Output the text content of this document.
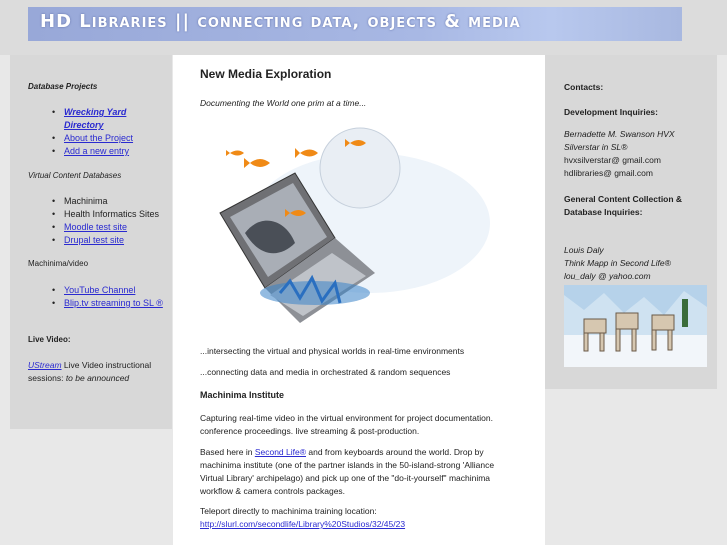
HD Libraries || connecting data, objects & media
Database Projects
• Wrecking Yard Directory
• About the Project
• Add a new entry
Virtual Content Databases
• Machinima
• Health Informatics Sites
• Moodle test site
• Drupal test site
Machinima/video
• YouTube Channel
• Blip.tv streaming to SL ®
Live Video:
UStream Live Video instructional
sessions: to be announced
New Media Exploration
Documenting the World one prim at a time...
...intersecting the virtual and physical worlds in real-time environments
...connecting data and media in orchestrated & random sequences
Machinima Institute
Capturing real-time video in the virtual environment for project documentation.
conference proceedings. live streaming & post-production.
Based here in Second Life® and from keyboards around the world. Drop by
machinima institute (one of the partner islands in the 50-island-strong 'Alliance
Virtual Library' archipelago) and pick up one of the "do-it-yourself" machinima
workflow & camera controls packages.
Teleport directly to machinima training location:
http://slurl.com/secondlife/Library%20Studios/32/45/23
Contacts:
Development Inquiries:
Bernadette M. Swanson HVX
Silverstar in SL®
hvxsilverstar@ gmail.com
hdlibraries@ gmail.com
General Content Collection &
Database Inquiries:
Louis Daly
Think Mapp in Second Life®
lou_daly @ yahoo.com
